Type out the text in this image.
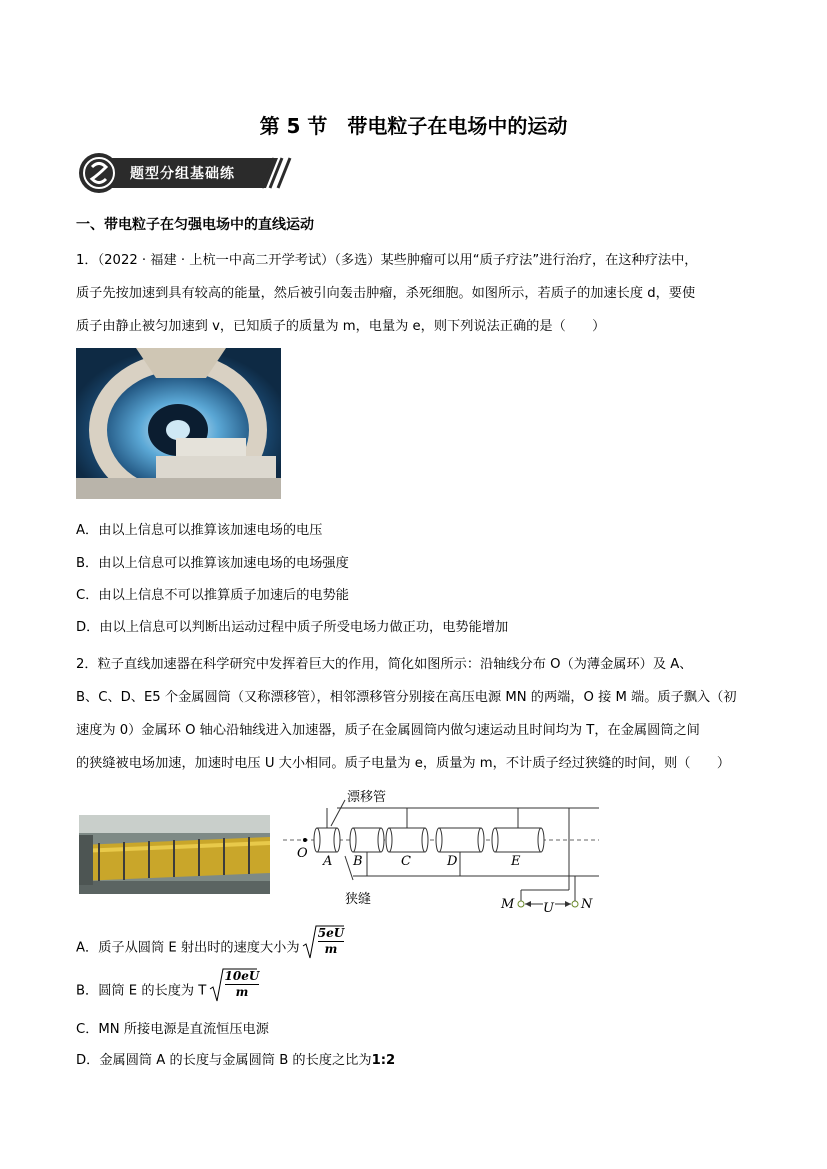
第 5 节　带电粒子在电场中的运动
题型分组基础练
一、带电粒子在匀强电场中的直线运动
1．（2022 · 福建 · 上杭一中高二开学考试）（多选）某些肿瘤可以用“质子疗法”进行治疗，在这种疗法中，
质子先按加速到具有较高的能量，然后被引向轰击肿瘤，杀死细胞。如图所示，若质子的加速长度 d，要使
质子由静止被匀加速到 v，已知质子的质量为 m，电量为 e，则下列说法正确的是（　　）
A．由以上信息可以推算该加速电场的电压
B．由以上信息可以推算该加速电场的电场强度
C．由以上信息不可以推算质子加速后的电势能
D．由以上信息可以判断出运动过程中质子所受电场力做正功，电势能增加
2．粒子直线加速器在科学研究中发挥着巨大的作用，简化如图所示：沿轴线分布 O（为薄金属环）及 A、
B、C、D、E5 个金属圆筒（又称漂移管），相邻漂移管分别接在高压电源 MN 的两端，O 接 M 端。质子飘入（初
速度为 0）金属环 O 轴心沿轴线进入加速器，质子在金属圆筒内做匀速运动且时间均为 T，在金属圆筒之间
的狭缝被电场加速，加速时电压 U 大小相同。质子电量为 e，质量为 m，不计质子经过狭缝的时间，则（　　）
漂移管
狭缝
O
A B	C	D	E
M U N
A．质子从圆筒 E 射出时的速度大小为 $\frac{5eU}{m}$
B．圆筒 E 的长度为 T $\frac{10eU}{m}$
C．MN 所接电源是直流恒压电源
D．金属圆筒 A 的长度与金属圆筒 B 的长度之比为1:2
